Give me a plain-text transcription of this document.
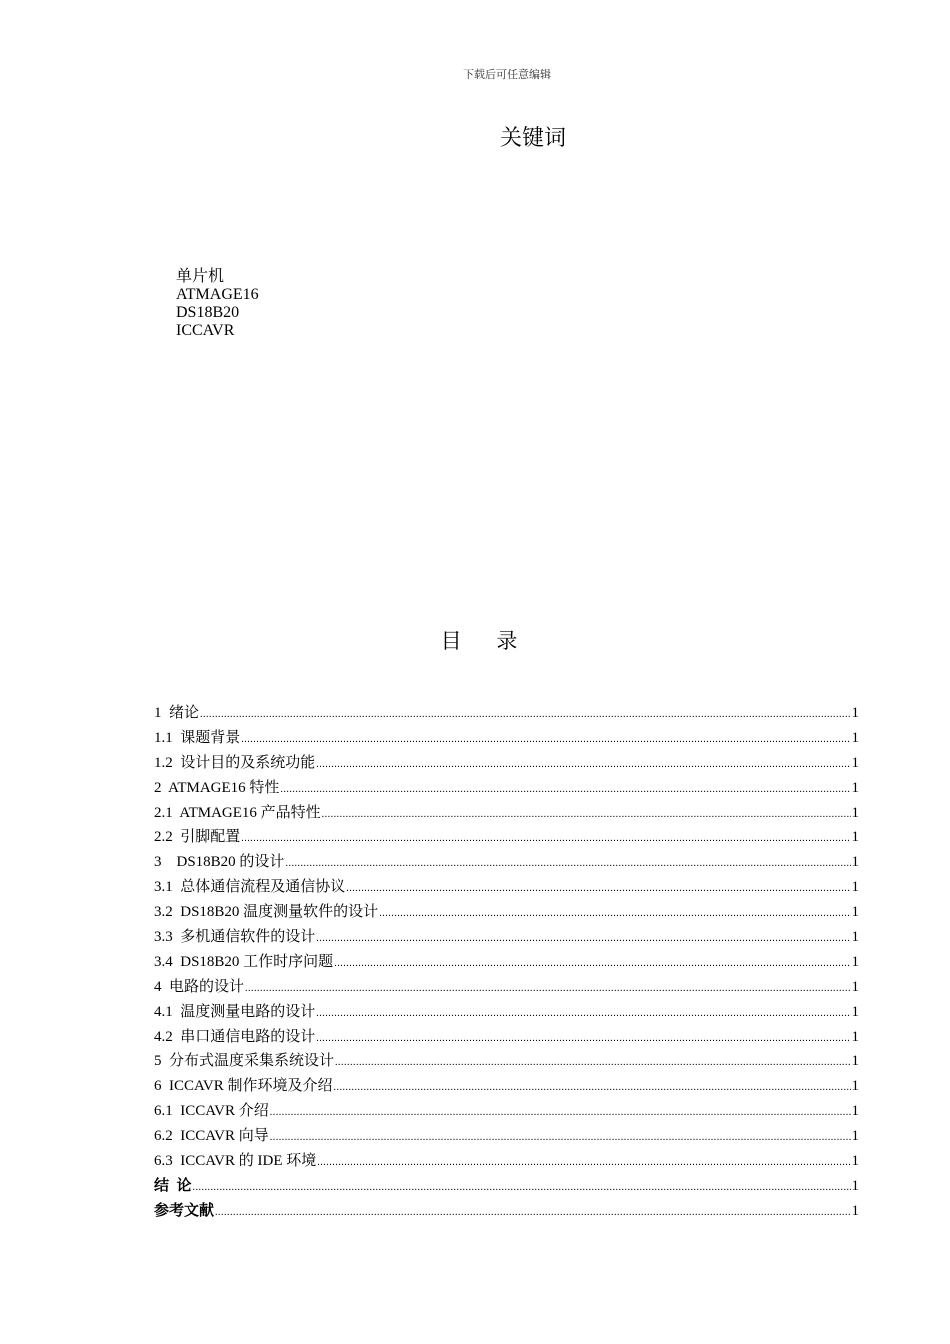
下载后可任意编辑
关键词

单片机
ATMAGE16
DS18B20
ICCAVR

目 录
1  绪论 .....	1
1.1  课题背景 .....	1
1.2  设计目的及系统功能 .....	1
2  ATMAGE16 特性 .....	1
2.1  ATMAGE16 产品特性 .....	1
2.2  引脚配置 .....	1
3    DS18B20 的设计 .....	1
3.1  总体通信流程及通信协议 .....	1
3.2  DS18B20 温度测量软件的设计 .....	1
3.3  多机通信软件的设计 .....	1
3.4  DS18B20 工作时序问题 .....	1
4  电路的设计 .....	1
4.1  温度测量电路的设计 .....	1
4.2  串口通信电路的设计 .....	1
5  分布式温度采集系统设计 .....	1
6  ICCAVR 制作环境及介绍 .....	1
6.1  ICCAVR 介绍 .....	1
6.2  ICCAVR 向导 .....	1
6.3  ICCAVR 的 IDE 环境 .....	1
结  论 .....	1
参考文献 .....	1
